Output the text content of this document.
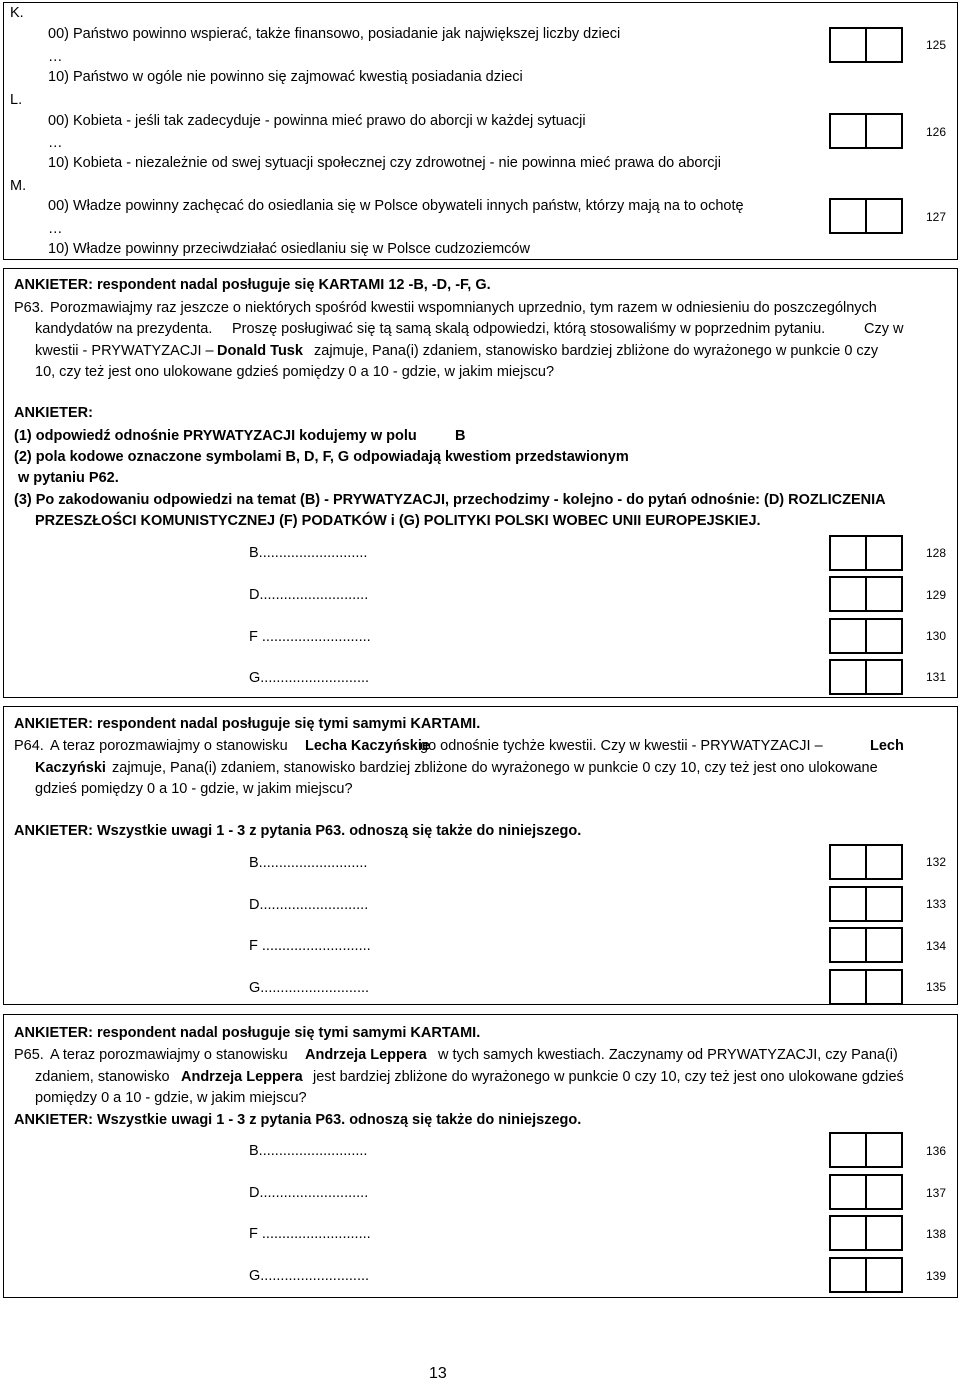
K.
00) Państwo powinno wspierać, także finansowo, posiadanie jak największej liczby dzieci
…
10) Państwo w ogóle nie powinno się zajmować kwestią posiadania dzieci
125
L.
00) Kobieta - jeśli tak zadecyduje - powinna mieć prawo do aborcji w każdej sytuacji
…
10) Kobieta - niezależnie od swej sytuacji społecznej czy zdrowotnej - nie powinna mieć prawa do aborcji
126
M.
00) Władze powinny zachęcać do osiedlania się w Polsce obywateli innych państw, którzy mają na to ochotę
…
10) Władze powinny przeciwdziałać osiedlaniu się w Polsce cudzoziemców
127
ANKIETER: respondent nadal posługuje się KARTAMI 12 -B, -D, -F, G.
P63. Porozmawiajmy raz jeszcze o niektórych spośród kwestii wspomnianych uprzednio, tym razem w odniesieniu do poszczególnych
kandydatów na prezydenta. Proszę posługiwać się tą samą skalą odpowiedzi, którą stosowaliśmy w poprzednim pytaniu.	Czy w
kwestii - PRYWATYZACJI – Donald Tusk zajmuje, Pana(i) zdaniem, stanowisko bardziej zbliżone do wyrażonego w punkcie 0 czy
10, czy też jest ono ulokowane gdzieś pomiędzy 0 a 10 - gdzie, w jakim miejscu?
ANKIETER:
(1) odpowiedź odnośnie PRYWATYZACJI kodujemy w polu	B
(2) pola kodowe oznaczone symbolami B, D, F, G odpowiadają kwestiom przedstawionym
w pytaniu P62.
(3) Po zakodowaniu odpowiedzi na temat (B) - PRYWATYZACJI, przechodzimy - kolejno - do pytań odnośnie: (D) ROZLICZENIA
PRZESZŁOŚCI KOMUNISTYCZNEJ (F) PODATKÓW i (G) POLITYKI POLSKI WOBEC UNII EUROPEJSKIEJ.
B...........................	128
D...........................	129
F ...........................	130
G...........................	131
ANKIETER: respondent nadal posługuje się tymi samymi KARTAMI.
P64. A teraz porozmawiajmy o stanowisku Lecha Kaczyńskie
go odnośnie tychże kwestii. Czy w kwestii - PRYWATYZACJI –	Lech
Kaczyński zajmuje, Pana(i) zdaniem, stanowisko bardziej zbliżone do wyrażonego w punkcie 0 czy 10, czy też jest ono ulokowane
gdzieś pomiędzy 0 a 10 - gdzie, w jakim miejscu?
ANKIETER: Wszystkie uwagi 1 - 3 z pytania P63. odnoszą się także do niniejszego.
B...........................	132
D...........................	133
F ...........................	134
G...........................	135
ANKIETER: respondent nadal posługuje się tymi samymi KARTAMI.
P65. A teraz porozmawiajmy o stanowisku Andrzeja Leppera w tych samych kwestiach. Zaczynamy od PRYWATYZACJI, czy Pana(i)
zdaniem, stanowisko Andrzeja Leppera jest bardziej zbliżone do wyrażonego w punkcie 0 czy 10, czy też jest ono ulokowane gdzieś
pomiędzy 0 a 10 - gdzie, w jakim miejscu?
ANKIETER: Wszystkie uwagi 1 - 3 z pytania P63. odnoszą się także do niniejszego.
B...........................	136
D...........................	137
F ...........................	138
G...........................	139
13
